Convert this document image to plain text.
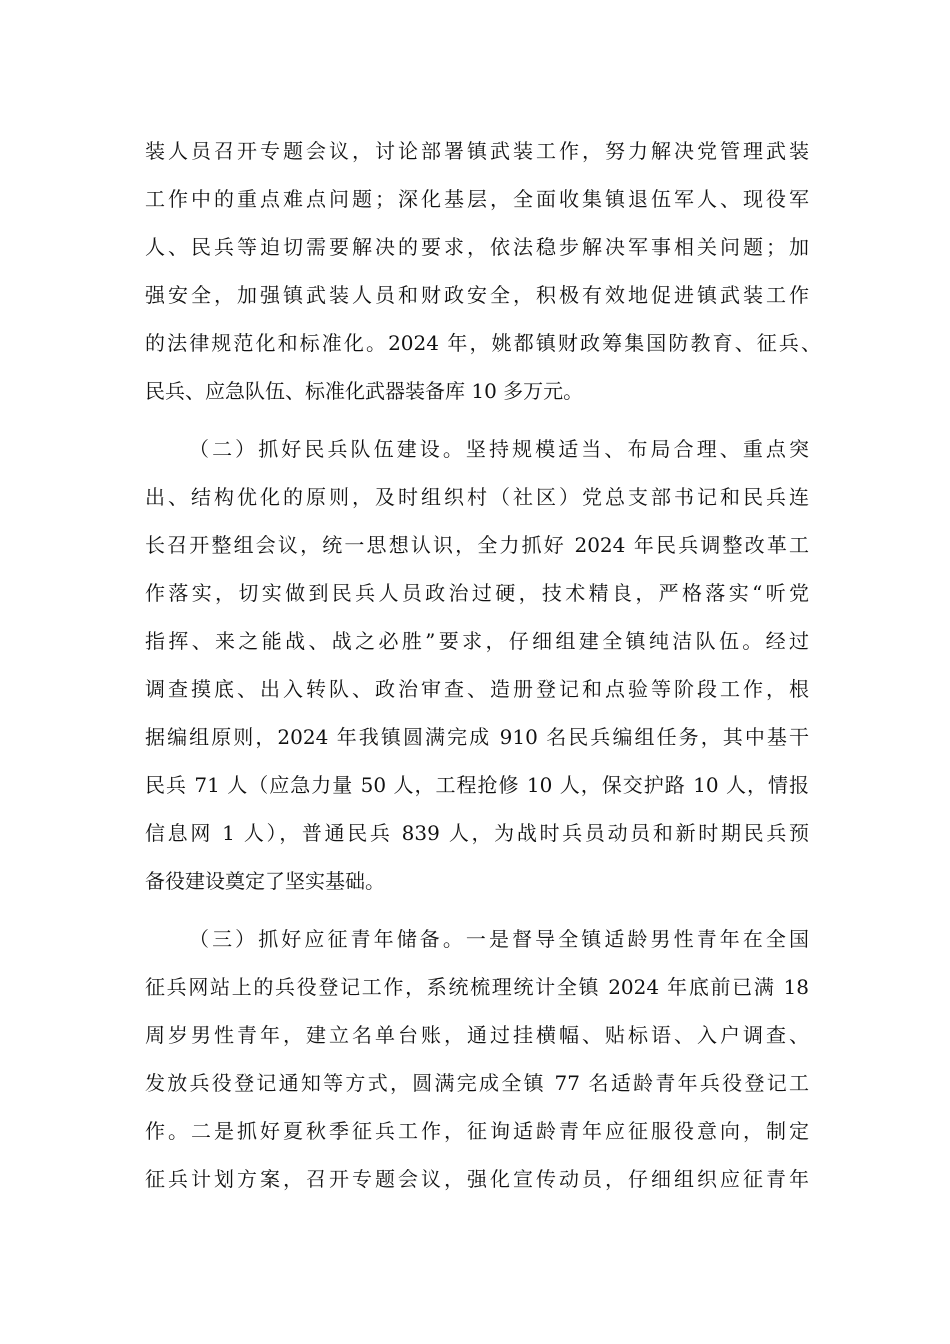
装人员召开专题会议，讨论部署镇武装工作，努力解决党管理武装
工作中的重点难点问题；深化基层，全面收集镇退伍军人、现役军
人、民兵等迫切需要解决的要求，依法稳步解决军事相关问题；加
强安全，加强镇武装人员和财政安全，积极有效地促进镇武装工作
的法律规范化和标准化。2024 年，姚都镇财政筹集国防教育、征兵、
民兵、应急队伍、标准化武器装备库 10 多万元。
（二）抓好民兵队伍建设。坚持规模适当、布局合理、重点突
出、结构优化的原则，及时组织村（社区）党总支部书记和民兵连
长召开整组会议，统一思想认识，全力抓好 2024 年民兵调整改革工
作落实，切实做到民兵人员政治过硬，技术精良，严格落实“听党
指挥、来之能战、战之必胜”要求，仔细组建全镇纯洁队伍。经过
调查摸底、出入转队、政治审查、造册登记和点验等阶段工作，根
据编组原则，2024 年我镇圆满完成 910 名民兵编组任务，其中基干
民兵 71 人（应急力量 50 人，工程抢修 10 人，保交护路 10 人，情报
信息网 1 人），普通民兵 839 人，为战时兵员动员和新时期民兵预
备役建设奠定了坚实基础。
（三）抓好应征青年储备。一是督导全镇适龄男性青年在全国
征兵网站上的兵役登记工作，系统梳理统计全镇 2024 年底前已满 18
周岁男性青年，建立名单台账，通过挂横幅、贴标语、入户调查、
发放兵役登记通知等方式，圆满完成全镇 77 名适龄青年兵役登记工
作。二是抓好夏秋季征兵工作，征询适龄青年应征服役意向，制定
征兵计划方案，召开专题会议，强化宣传动员，仔细组织应征青年
